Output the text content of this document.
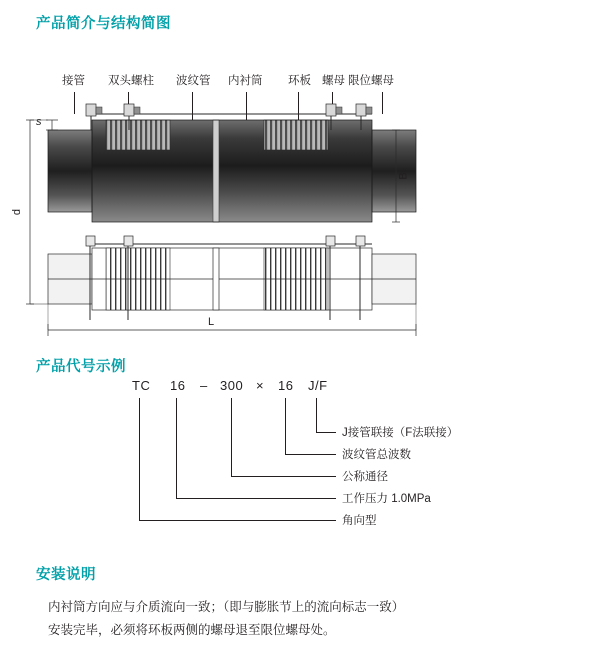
产品简介与结构简图
接管 双头螺柱 波纹管 内衬筒 环板 螺母 限位螺母
s
d
B
L
产品代号示例
TC 16 – 300 × 16 J/F
J接管联接（F法联接）
波纹管总波数
公称通径
工作压力 1.0MPa
角向型
安装说明

内衬筒方向应与介质流向一致；（即与膨胀节上的流向标志一致）

安装完毕，必须将环板两侧的螺母退至限位螺母处。
